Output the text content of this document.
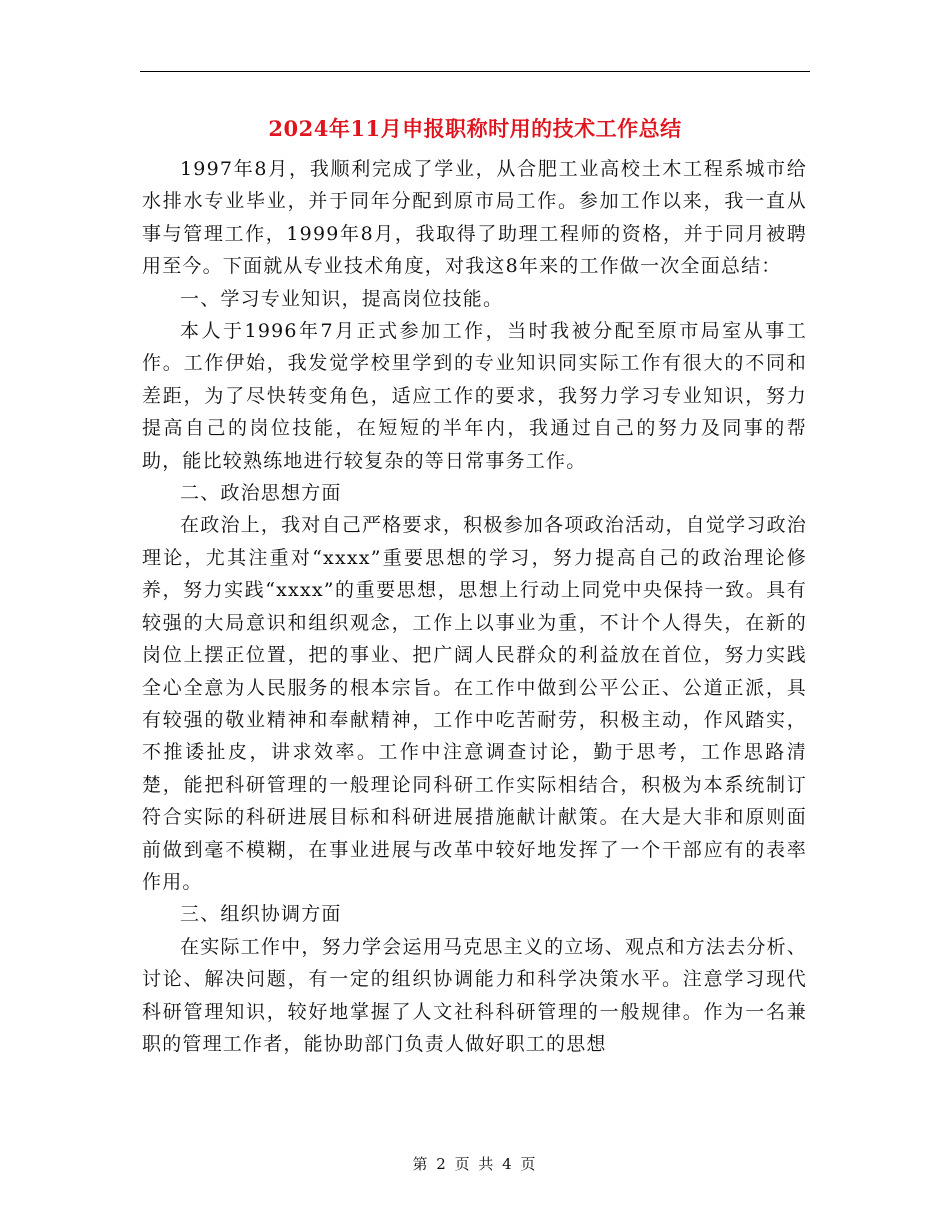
2024年11月申报职称时用的技术工作总结

1997年8月，我顺利完成了学业，从合肥工业高校土木工程系城市给水排水专业毕业，并于同年分配到原市局工作。参加工作以来，我一直从事与管理工作，1999年8月，我取得了助理工程师的资格，并于同月被聘用至今。下面就从专业技术角度，对我这8年来的工作做一次全面总结：

一、学习专业知识，提高岗位技能。

本人于1996年7月正式参加工作，当时我被分配至原市局室从事工作。工作伊始，我发觉学校里学到的专业知识同实际工作有很大的不同和差距，为了尽快转变角色，适应工作的要求，我努力学习专业知识，努力提高自己的岗位技能，在短短的半年内，我通过自己的努力及同事的帮助，能比较熟练地进行较复杂的等日常事务工作。

二、政治思想方面

在政治上，我对自己严格要求，积极参加各项政治活动，自觉学习政治理论，尤其注重对“xxxx”重要思想的学习，努力提高自己的政治理论修养，努力实践“xxxx”的重要思想，思想上行动上同党中央保持一致。具有较强的大局意识和组织观念，工作上以事业为重，不计个人得失，在新的岗位上摆正位置，把的事业、把广阔人民群众的利益放在首位，努力实践全心全意为人民服务的根本宗旨。在工作中做到公平公正、公道正派，具有较强的敬业精神和奉献精神，工作中吃苦耐劳，积极主动，作风踏实，不推诿扯皮，讲求效率。工作中注意调查讨论，勤于思考，工作思路清楚，能把科研管理的一般理论同科研工作实际相结合，积极为本系统制订符合实际的科研进展目标和科研进展措施献计献策。在大是大非和原则面前做到毫不模糊，在事业进展与改革中较好地发挥了一个干部应有的表率作用。

三、组织协调方面

在实际工作中，努力学会运用马克思主义的立场、观点和方法去分析、讨论、解决问题，有一定的组织协调能力和科学决策水平。注意学习现代科研管理知识，较好地掌握了人文社科科研管理的一般规律。作为一名兼职的管理工作者，能协助部门负责人做好职工的思想

第 2 页 共 4 页
